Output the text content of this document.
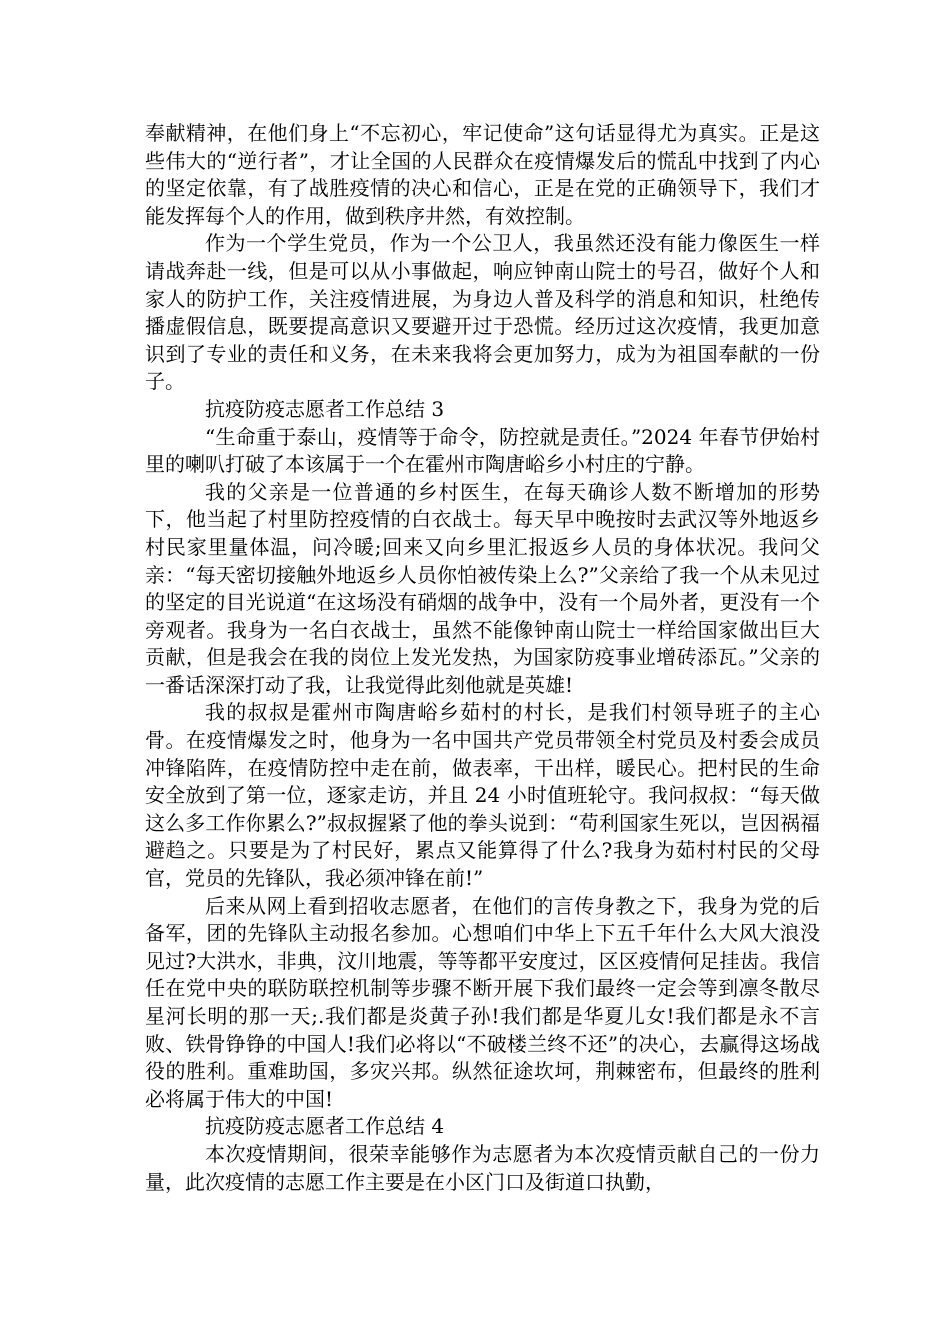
奉献精神，在他们身上“不忘初心，牢记使命”这句话显得尤为真实。正是这些伟大的“逆行者”，才让全国的人民群众在疫情爆发后的慌乱中找到了内心的坚定依靠，有了战胜疫情的决心和信心，正是在党的正确领导下，我们才能发挥每个人的作用，做到秩序井然，有效控制。

作为一个学生党员，作为一个公卫人，我虽然还没有能力像医生一样请战奔赴一线，但是可以从小事做起，响应钟南山院士的号召，做好个人和家人的防护工作，关注疫情进展，为身边人普及科学的消息和知识，杜绝传播虚假信息，既要提高意识又要避开过于恐慌。经历过这次疫情，我更加意识到了专业的责任和义务，在未来我将会更加努力，成为为祖国奉献的一份子。

抗疫防疫志愿者工作总结 3

“生命重于泰山，疫情等于命令，防控就是责任。”2024 年春节伊始村里的喇叭打破了本该属于一个在霍州市陶唐峪乡小村庄的宁静。

我的父亲是一位普通的乡村医生，在每天确诊人数不断增加的形势下，他当起了村里防控疫情的白衣战士。每天早中晚按时去武汉等外地返乡村民家里量体温，问冷暖;回来又向乡里汇报返乡人员的身体状况。我问父亲：“每天密切接触外地返乡人员你怕被传染上么?”父亲给了我一个从未见过的坚定的目光说道“在这场没有硝烟的战争中，没有一个局外者，更没有一个旁观者。我身为一名白衣战士，虽然不能像钟南山院士一样给国家做出巨大贡献，但是我会在我的岗位上发光发热，为国家防疫事业增砖添瓦。”父亲的一番话深深打动了我，让我觉得此刻他就是英雄!

我的叔叔是霍州市陶唐峪乡茹村的村长，是我们村领导班子的主心骨。在疫情爆发之时，他身为一名中国共产党员带领全村党员及村委会成员冲锋陷阵，在疫情防控中走在前，做表率，干出样，暖民心。把村民的生命安全放到了第一位，逐家走访，并且 24 小时值班轮守。我问叔叔：“每天做这么多工作你累么?”叔叔握紧了他的拳头说到：“苟利国家生死以，岂因祸福避趋之。只要是为了村民好，累点又能算得了什么?我身为茹村村民的父母官，党员的先锋队，我必须冲锋在前!”

后来从网上看到招收志愿者，在他们的言传身教之下，我身为党的后备军，团的先锋队主动报名参加。心想咱们中华上下五千年什么大风大浪没见过?大洪水，非典，汶川地震，等等都平安度过，区区疫情何足挂齿。我信任在党中央的联防联控机制等步骤不断开展下我们最终一定会等到凛冬散尽 星河长明的那一天;.我们都是炎黄子孙!我们都是华夏儿女!我们都是永不言败、铁骨铮铮的中国人!我们必将以“不破楼兰终不还”的决心，去赢得这场战役的胜利。重难助国，多灾兴邦。纵然征途坎坷，荆棘密布，但最终的胜利必将属于伟大的中国!

抗疫防疫志愿者工作总结 4

本次疫情期间，很荣幸能够作为志愿者为本次疫情贡献自己的一份力量，此次疫情的志愿工作主要是在小区门口及街道口执勤，
